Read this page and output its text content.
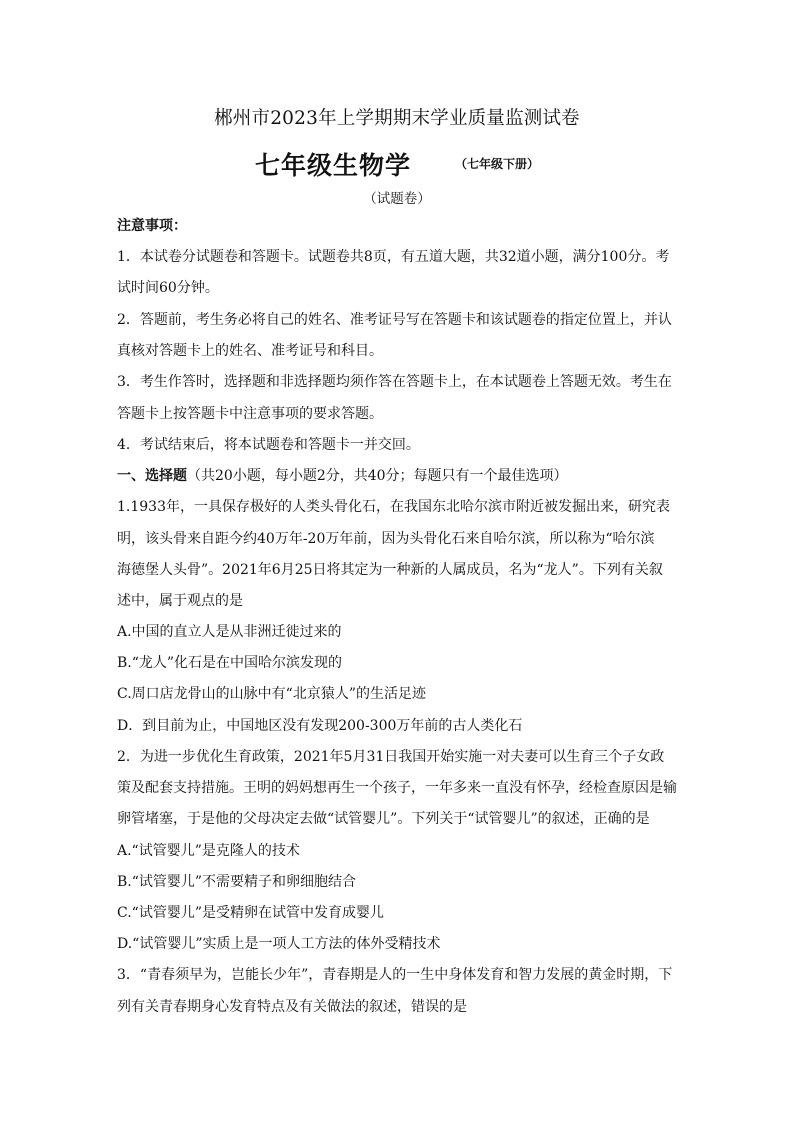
郴州市2023年上学期期末学业质量监测试卷
七年级生物学	$^{(七年级下册)}$
（试题卷）
注意事项：
1．本试卷分试题卷和答题卡。试题卷共8页，有五道大题，共32道小题，满分100分。考
试时间60分钟。
2．答题前，考生务必将自己的姓名、准考证号写在答题卡和该试题卷的指定位置上，并认
真核对答题卡上的姓名、准考证号和科目。
3．考生作答时，选择题和非选择题均须作答在答题卡上，在本试题卷上答题无效。考生在
答题卡上按答题卡中注意事项的要求答题。
4．考试结束后，将本试题卷和答题卡一并交回。
一、选择题（共20小题，每小题2分，共40分；每题只有一个最佳选项）
1.1933年，一具保存极好的人类头骨化石，在我国东北哈尔滨市附近被发掘出来，研究表
明，该头骨来自距今约40万年-20万年前，因为头骨化石来自哈尔滨，所以称为“哈尔滨
海德堡人头骨”。2021年6月25日将其定为一种新的人属成员，名为“龙人”。下列有关叙
述中，属于观点的是
A.中国的直立人是从非洲迁徙过来的
B.“龙人”化石是在中国哈尔滨发现的
C.周口店龙骨山的山脉中有“北京猿人”的生活足迹
D．到目前为止，中国地区没有发现200-300万年前的古人类化石
2．为进一步优化生育政策，2021年5月31日我国开始实施一对夫妻可以生育三个子女政
策及配套支持措施。王明的妈妈想再生一个孩子，一年多来一直没有怀孕，经检查原因是输
卵管堵塞，于是他的父母决定去做“试管婴儿”。下列关于“试管婴儿”的叙述，正确的是
A.“试管婴儿”是克隆人的技术
B.“试管婴儿”不需要精子和卵细胞结合
C.“试管婴儿”是受精卵在试管中发育成婴儿
D.“试管婴儿”实质上是一项人工方法的体外受精技术
3．“青春须早为，岂能长少年”，青春期是人的一生中身体发育和智力发展的黄金时期，下
列有关青春期身心发育特点及有关做法的叙述，错误的是
